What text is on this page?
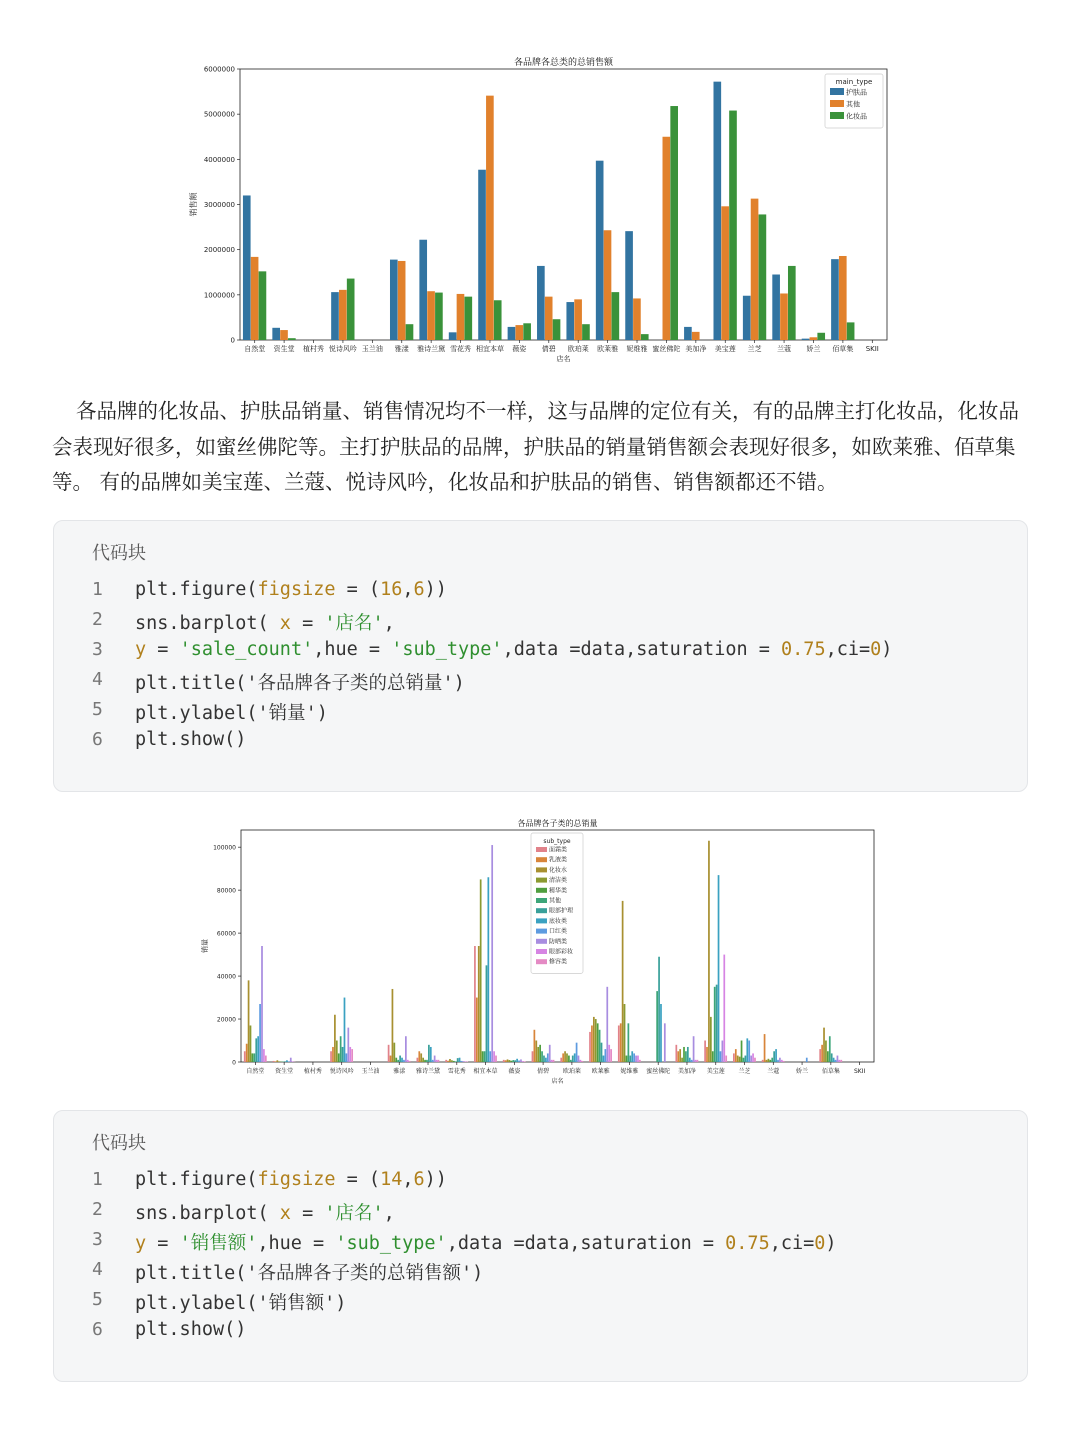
各品牌各总类的总销售额
0
1000000
2000000
3000000
4000000
5000000
6000000
销售额
自然堂 资生堂 植村秀 悦诗风吟 玉兰油 雅漾 雅诗兰黛 雪花秀 相宜本草 薇姿 倩碧 欧珀莱 欧莱雅 妮维雅 蜜丝佛陀 美加净 美宝莲 兰芝 兰蔻 娇兰 佰草集 SKII
店名
main_type
护肤品
其他
化妆品
各品牌的化妆品、护肤品销量、销售情况均不一样，这与品牌的定位有关，有的品牌主打化妆品，化妆品会表现好很多，如蜜丝佛陀等。主打护肤品的品牌，护肤品的销量销售额会表现好很多，如欧莱雅、佰草集等。 有的品牌如美宝莲、兰蔻、悦诗风吟，化妆品和护肤品的销售、销售额都还不错。
代码块
1	plt.figure(figsize = (16,6))
2	sns.barplot( x = '店名',
3	y = 'sale_count',hue = 'sub_type',data =data,saturation = 0.75,ci=0)
4	plt.title('各品牌各子类的总销量')
5	plt.ylabel('销量')
6	plt.show()
各品牌各子类的总销量
0
20000
40000
60000
80000
100000
销量
自然堂 资生堂 植村秀 悦诗风吟 玉兰油 雅漾 雅诗兰黛 雪花秀 相宜本草 薇姿	倩碧 欧珀莱 欧莱雅 妮维雅 蜜丝佛陀 美加净 美宝莲 兰芝	兰蔻	娇兰 佰草集 SKII
店名
sub_type
面霜类
乳液类
化妆水
清洁类
精华类
其他
眼部护理
底妆类
口红类
防晒类
眼部彩妆
修容类
代码块
1	plt.figure(figsize = (14,6))
2	sns.barplot( x = '店名',
3	y = '销售额',hue = 'sub_type',data =data,saturation = 0.75,ci=0)
4	plt.title('各品牌各子类的总销售额')
5	plt.ylabel('销售额')
6	plt.show()
